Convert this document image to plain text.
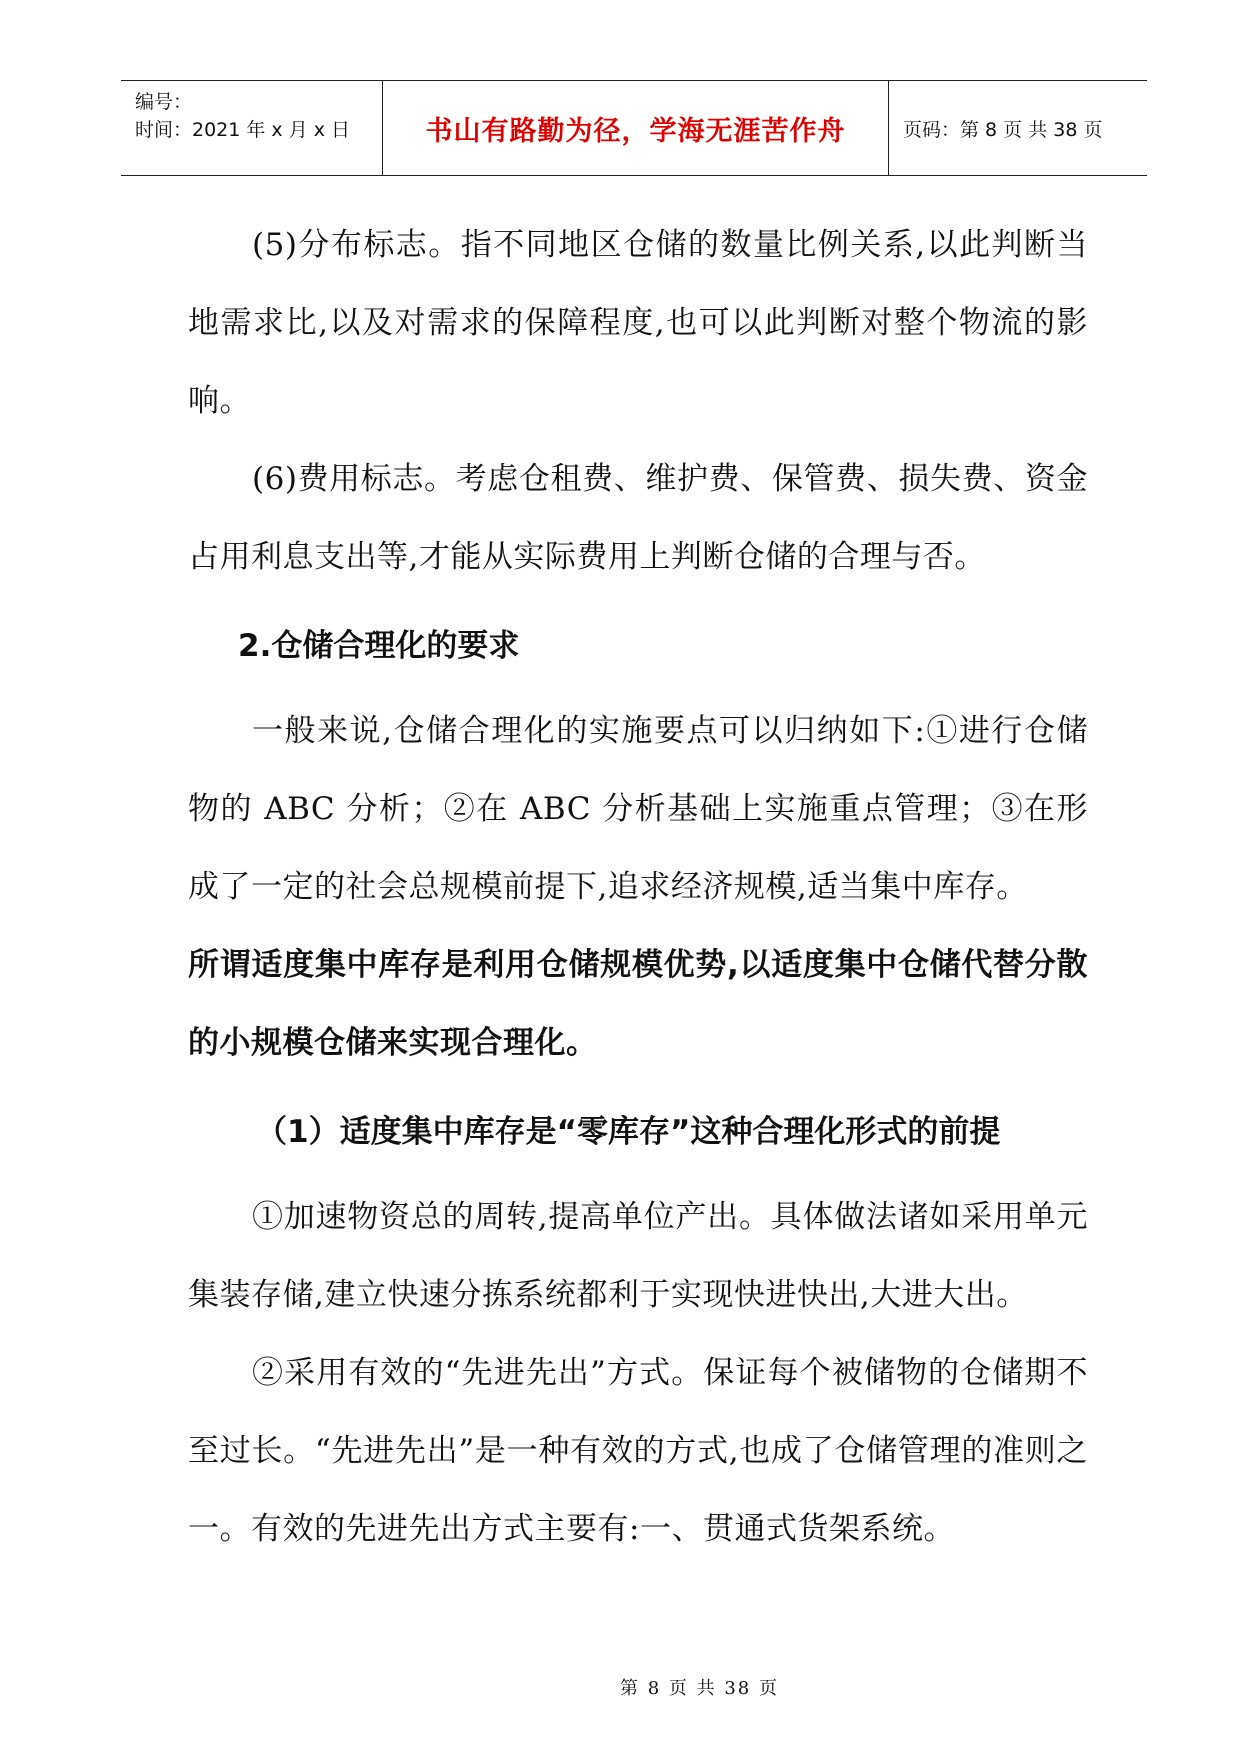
编号：
时间：2021 年 x 月 x 日	书山有路勤为径，学海无涯苦作舟	页码：第 8 页 共 38 页

(5)分布标志。指不同地区仓储的数量比例关系,以此判断当地需求比,以及对需求的保障程度,也可以此判断对整个物流的影响。

(6)费用标志。考虑仓租费、维护费、保管费、损失费、资金占用利息支出等,才能从实际费用上判断仓储的合理与否。

2.仓储合理化的要求

一般来说,仓储合理化的实施要点可以归纳如下:①进行仓储物的 ABC 分析；②在 ABC 分析基础上实施重点管理；③在形成了一定的社会总规模前提下,追求经济规模,适当集中库存。

所谓适度集中库存是利用仓储规模优势,以适度集中仓储代替分散的小规模仓储来实现合理化。

（1）适度集中库存是“零库存”这种合理化形式的前提

①加速物资总的周转,提高单位产出。具体做法诸如采用单元集装存储,建立快速分拣系统都利于实现快进快出,大进大出。

②采用有效的“先进先出”方式。保证每个被储物的仓储期不至过长。“先进先出”是一种有效的方式,也成了仓储管理的准则之一。有效的先进先出方式主要有:一、贯通式货架系统。

第 8 页 共 38 页
